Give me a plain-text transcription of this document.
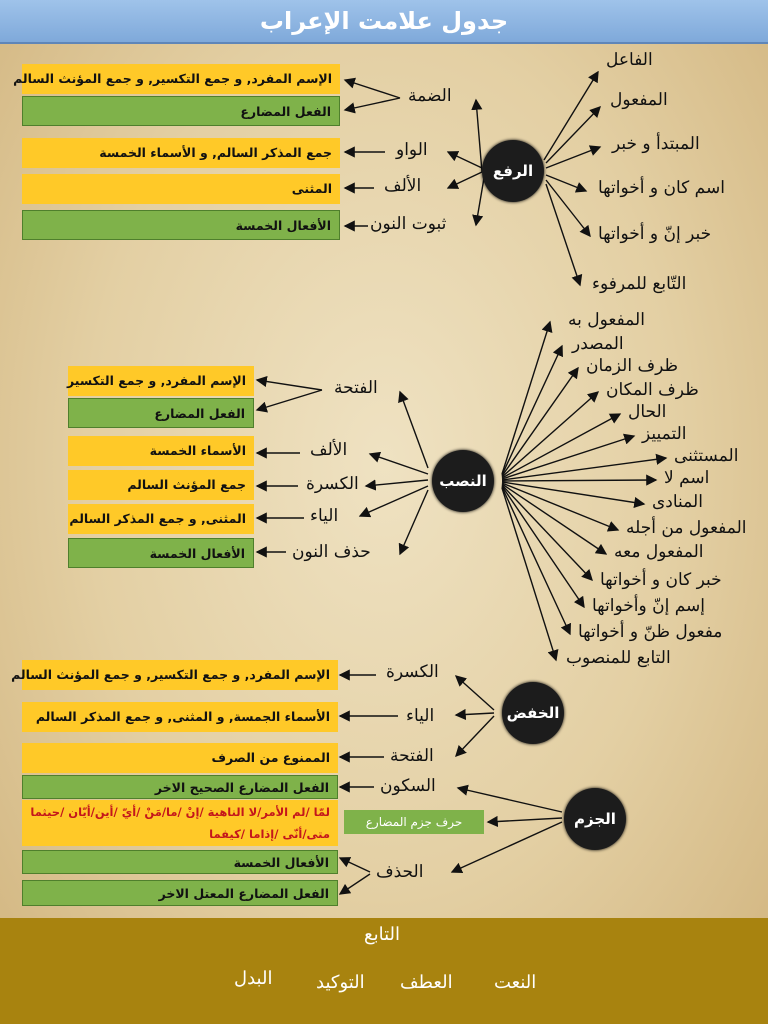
جدول علامت الإعراب
الرفع
الضمة
الواو
الألف
ثبوت النون
الإسم المفرد, و جمع التكسير, و جمع المؤنث السالم
الفعل المضارع
جمع المذكر السالم, و الأسماء الخمسة
المثنى
الأفعال الخمسة
الفاعل
المفعول
المبتدأ و خبر
اسم كان و أخواتها
خبر إنّ و أخواتها
التّابع للمرفوء
النصب
الفتحة
الألف
الكسرة
الياء
حذف النون
الإسم المفرد, و جمع التكسير
الفعل المضارع
الأسماء الخمسة
جمع المؤنث السالم
المثنى, و جمع المذكر السالم
الأفعال الخمسة
المفعول به
المصدر
ظرف الزمان
ظرف المكان
الحال
التمييز
المستثنى
اسم لا
المنادى
المفعول من أجله
المفعول معه
خبر كان و أخواتها
إسم إنّ وأخواتها
مفعول ظنّ و أخواتها
التابع للمنصوب
الخفض
الكسرة
الياء
الفتحة
الإسم المفرد, و جمع التكسير, و جمع المؤنث السالم
الأسماء الجمسة, و المثنى, و جمع المذكر السالم
الممنوع من الصرف
الجزم
السكون
الحذف
الفعل المضارع الصحيح الاخر
لمّا /لم الأمر/لا الناهية /إنْ /ما/مَنْ /أيّ /أين/أيّان /حيثما
متى/أنّى /إذاما /كيفما
حرف جزم المضارع
الأفعال الخمسة
الفعل المضارع المعتل الاخر
التابع
النعت
العطف
التوكيد
البدل
